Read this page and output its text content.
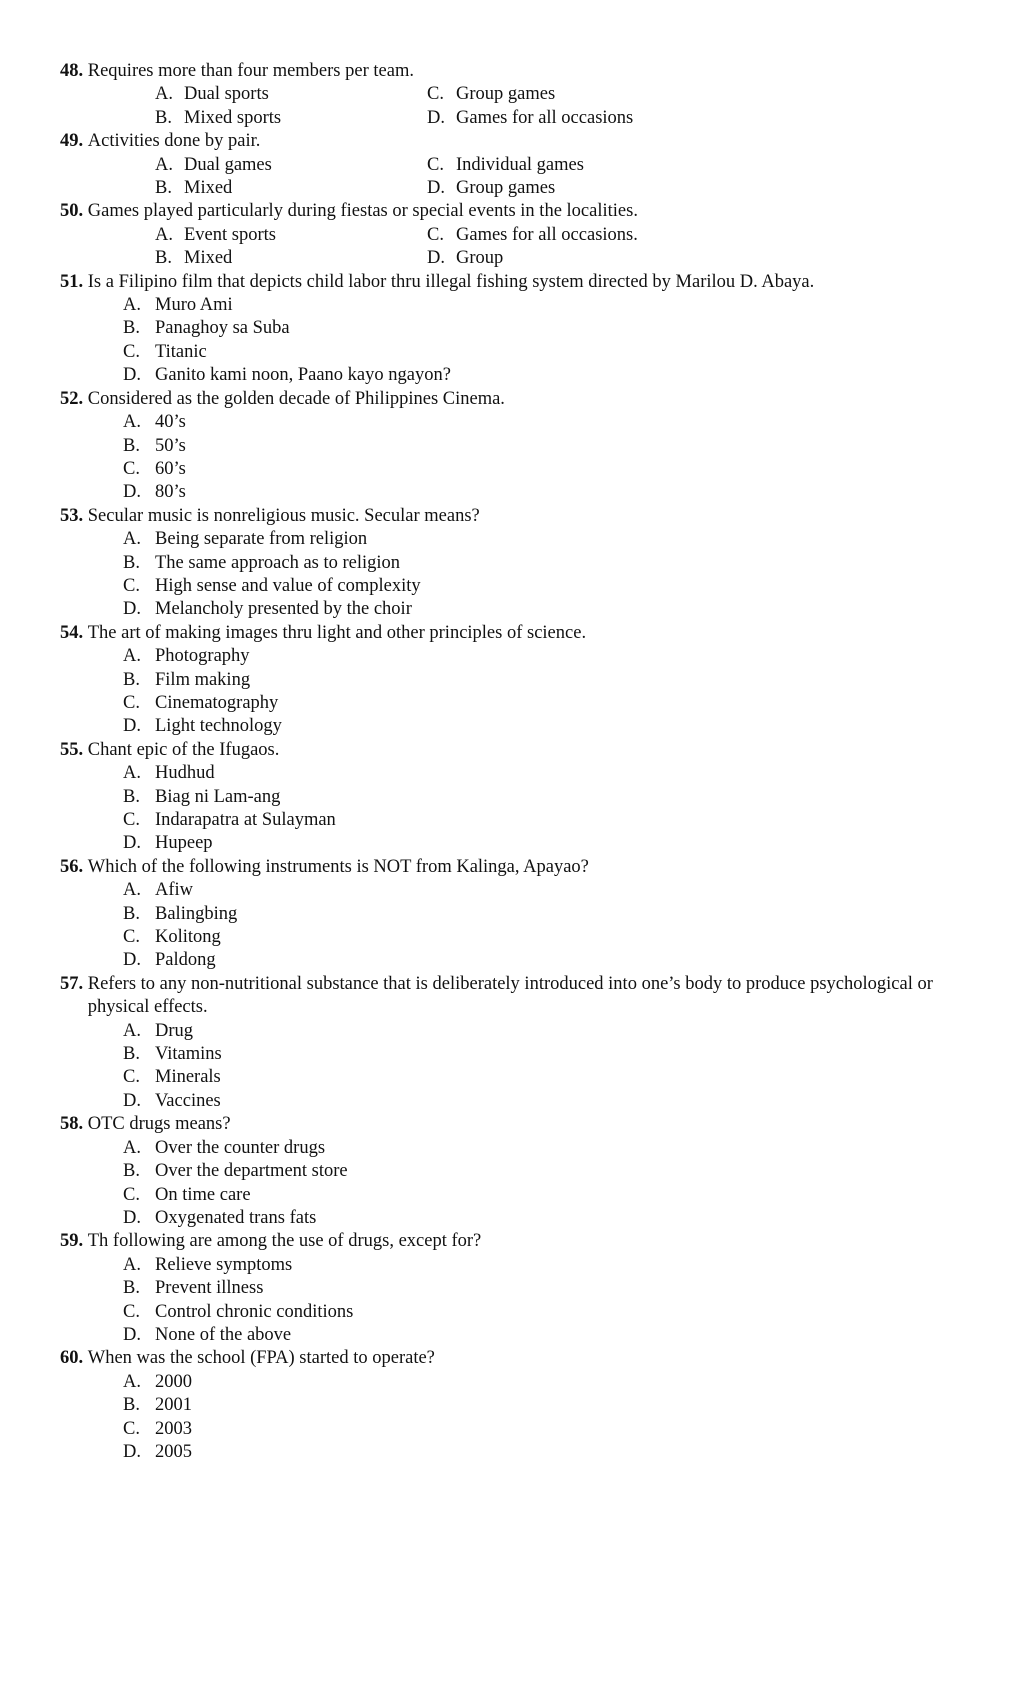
48.
Requires more than four members per team.
A. Dual sports	C. Group games
B. Mixed sports	D. Games for all occasions
49.
Activities done by pair.
A. Dual games	C. Individual games
B. Mixed	D. Group games
50.
Games played particularly during fiestas or special events in the localities.
A. Event sports	C. Games for all occasions.
B. Mixed	D. Group
51.
Is a Filipino film that depicts child labor thru illegal fishing system directed by Marilou D. Abaya.
A. Muro Ami
B. Panaghoy sa Suba
C. Titanic
D. Ganito kami noon, Paano kayo ngayon?
52.
Considered as the golden decade of Philippines Cinema.
A. 40’s
B. 50’s
C. 60’s
D. 80’s
53.
Secular music is nonreligious music. Secular means?
A. Being separate from religion
B. The same approach as to religion
C. High sense and value of complexity
D. Melancholy presented by the choir
54.
The art of making images thru light and other principles of science.
A. Photography
B. Film making
C. Cinematography
D. Light technology
55.
Chant epic of the Ifugaos.
A. Hudhud
B. Biag ni Lam-ang
C. Indarapatra at Sulayman
D. Hupeep
56.
Which of the following instruments is NOT from Kalinga, Apayao?
A. Afiw
B. Balingbing
C. Kolitong
D. Paldong
57.
Refers to any non-nutritional substance that is deliberately introduced into one’s body to produce psychological or physical effects.
A. Drug
B. Vitamins
C. Minerals
D. Vaccines
58.
OTC drugs means?
A. Over the counter drugs
B. Over the department store
C. On time care
D. Oxygenated trans fats
59.
Th following are among the use of drugs, except for?
A. Relieve symptoms
B. Prevent illness
C. Control chronic conditions
D. None of the above
60.
When was the school (FPA) started to operate?
A. 2000
B. 2001
C. 2003
D. 2005
